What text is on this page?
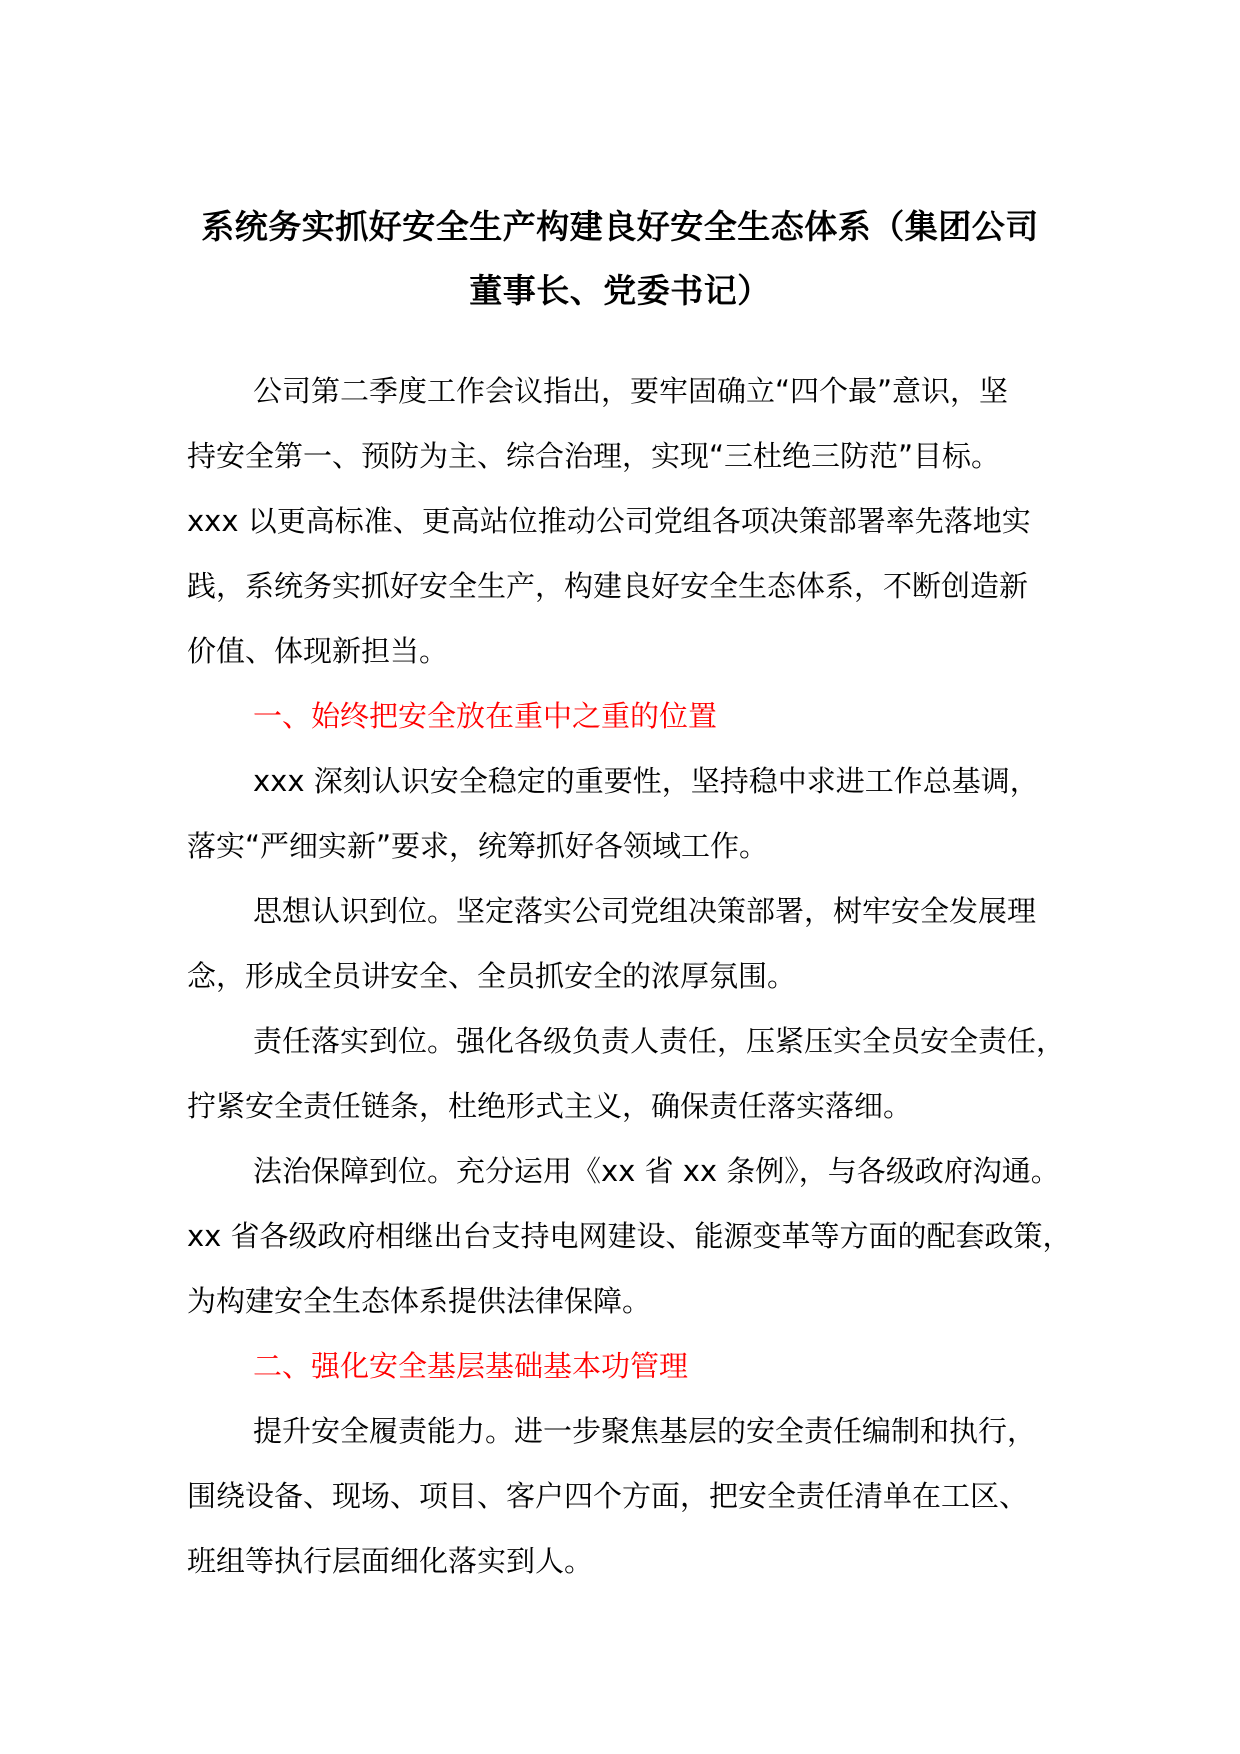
系统务实抓好安全生产构建良好安全生态体系（集团公司
董事长、党委书记）
公司第二季度工作会议指出，要牢固确立“四个最”意识，坚
持安全第一、预防为主、综合治理，实现“三杜绝三防范”目标。
xxx 以更高标准、更高站位推动公司党组各项决策部署率先落地实
践，系统务实抓好安全生产，构建良好安全生态体系，不断创造新
价值、体现新担当。
一、始终把安全放在重中之重的位置
xxx 深刻认识安全稳定的重要性，坚持稳中求进工作总基调，
落实“严细实新”要求，统筹抓好各领域工作。
思想认识到位。坚定落实公司党组决策部署，树牢安全发展理
念，形成全员讲安全、全员抓安全的浓厚氛围。
责任落实到位。强化各级负责人责任，压紧压实全员安全责任，
拧紧安全责任链条，杜绝形式主义，确保责任落实落细。
法治保障到位。充分运用《xx 省 xx 条例》，与各级政府沟通。
xx 省各级政府相继出台支持电网建设、能源变革等方面的配套政策，
为构建安全生态体系提供法律保障。
二、强化安全基层基础基本功管理
提升安全履责能力。进一步聚焦基层的安全责任编制和执行，
围绕设备、现场、项目、客户四个方面，把安全责任清单在工区、
班组等执行层面细化落实到人。
